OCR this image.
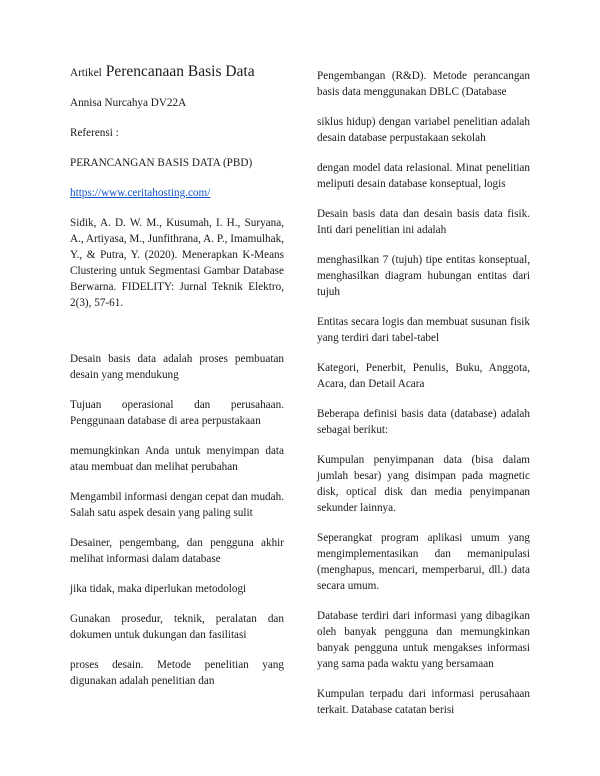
Artikel Perencanaan Basis Data

Annisa Nurcahya DV22A

Referensi :

PERANCANGAN BASIS DATA (PBD)

https://www.ceritahosting.com/

Sidik, A. D. W. M., Kusumah, I. H., Suryana, A., Artiyasa, M., Junfithrana, A. P., Imamulhak, Y., & Putra, Y. (2020). Menerapkan K-Means Clustering untuk Segmentasi Gambar Database Berwarna. FIDELITY: Jurnal Teknik Elektro, 2(3), 57-61.

Desain basis data adalah proses pembuatan desain yang mendukung

Tujuan operasional dan perusahaan. Penggunaan database di area perpustakaan

memungkinkan Anda untuk menyimpan data atau membuat dan melihat perubahan

Mengambil informasi dengan cepat dan mudah. Salah satu aspek desain yang paling sulit

Desainer, pengembang, dan pengguna akhir melihat informasi dalam database

jika tidak, maka diperlukan metodologi

Gunakan prosedur, teknik, peralatan dan dokumen untuk dukungan dan fasilitasi

proses desain. Metode penelitian yang digunakan adalah penelitian dan

Pengembangan (R&D). Metode perancangan basis data menggunakan DBLC (Database

siklus hidup) dengan variabel penelitian adalah desain database perpustakaan sekolah

dengan model data relasional. Minat penelitian meliputi desain database konseptual, logis

Desain basis data dan desain basis data fisik. Inti dari penelitian ini adalah

menghasilkan 7 (tujuh) tipe entitas konseptual, menghasilkan diagram hubungan entitas dari tujuh

Entitas secara logis dan membuat susunan fisik yang terdiri dari tabel-tabel

Kategori, Penerbit, Penulis, Buku, Anggota, Acara, dan Detail Acara

Beberapa definisi basis data (database) adalah sebagai berikut:

Kumpulan penyimpanan data (bisa dalam jumlah besar) yang disimpan pada magnetic disk, optical disk dan media penyimpanan sekunder lainnya.

Seperangkat program aplikasi umum yang mengimplementasikan dan memanipulasi (menghapus, mencari, memperbarui, dll.) data secara umum.

Database terdiri dari informasi yang dibagikan oleh banyak pengguna dan memungkinkan banyak pengguna untuk mengakses informasi yang sama pada waktu yang bersamaan

Kumpulan terpadu dari informasi perusahaan terkait. Database catatan berisi
